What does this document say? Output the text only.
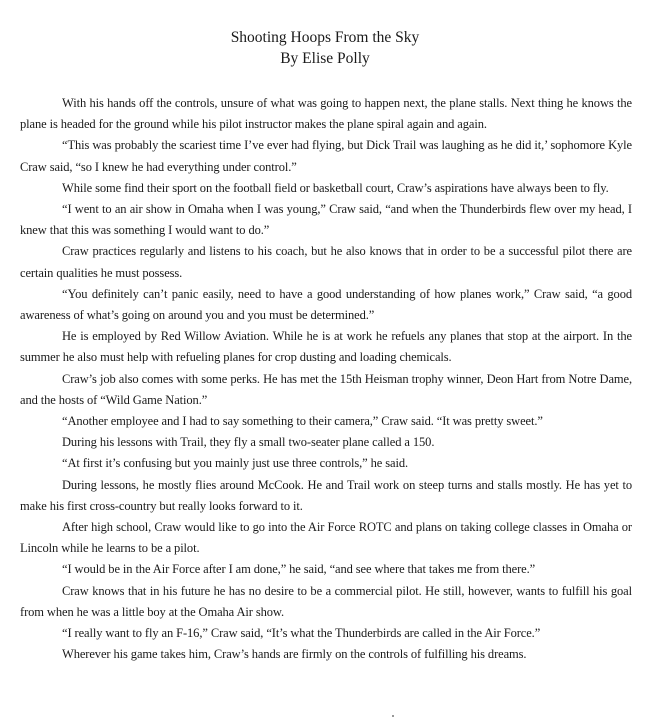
Shooting Hoops From the Sky

By Elise Polly

With his hands off the controls, unsure of what was going to happen next, the plane stalls. Next thing he knows the plane is headed for the ground while his pilot instructor makes the plane spiral again and again.

“This was probably the scariest time I’ve ever had flying, but Dick Trail was laughing as he did it,’ sophomore Kyle Craw said, “so I knew he had everything under control.”

While some find their sport on the football field or basketball court, Craw’s aspirations have always been to fly.

“I went to an air show in Omaha when I was young,” Craw said, “and when the Thunderbirds flew over my head, I knew that this was something I would want to do.”

Craw practices regularly and listens to his coach, but he also knows that in order to be a successful pilot there are certain qualities he must possess.

“You definitely can’t panic easily, need to have a good understanding of how planes work,” Craw said, “a good awareness of what’s going on around you and you must be determined.”

He is employed by Red Willow Aviation. While he is at work he refuels any planes that stop at the airport. In the summer he also must help with refueling planes for crop dusting and loading chemicals.

Craw’s job also comes with some perks. He has met the 15th Heisman trophy winner, Deon Hart from Notre Dame, and the hosts of “Wild Game Nation.”

“Another employee and I had to say something to their camera,” Craw said. “It was pretty sweet.”

During his lessons with Trail, they fly a small two-seater plane called a 150.

“At first it’s confusing but you mainly just use three controls,” he said.

During lessons, he mostly flies around McCook. He and Trail work on steep turns and stalls mostly. He has yet to make his first cross-country but really looks forward to it.

After high school, Craw would like to go into the Air Force ROTC and plans on taking college classes in Omaha or Lincoln while he learns to be a pilot.

“I would be in the Air Force after I am done,” he said, “and see where that takes me from there.”

Craw knows that in his future he has no desire to be a commercial pilot. He still, however, wants to fulfill his goal from when he was a little boy at the Omaha Air show.

“I really want to fly an F-16,” Craw said, “It’s what the Thunderbirds are called in the Air Force.”

Wherever his game takes him, Craw’s hands are firmly on the controls of fulfilling his dreams.
